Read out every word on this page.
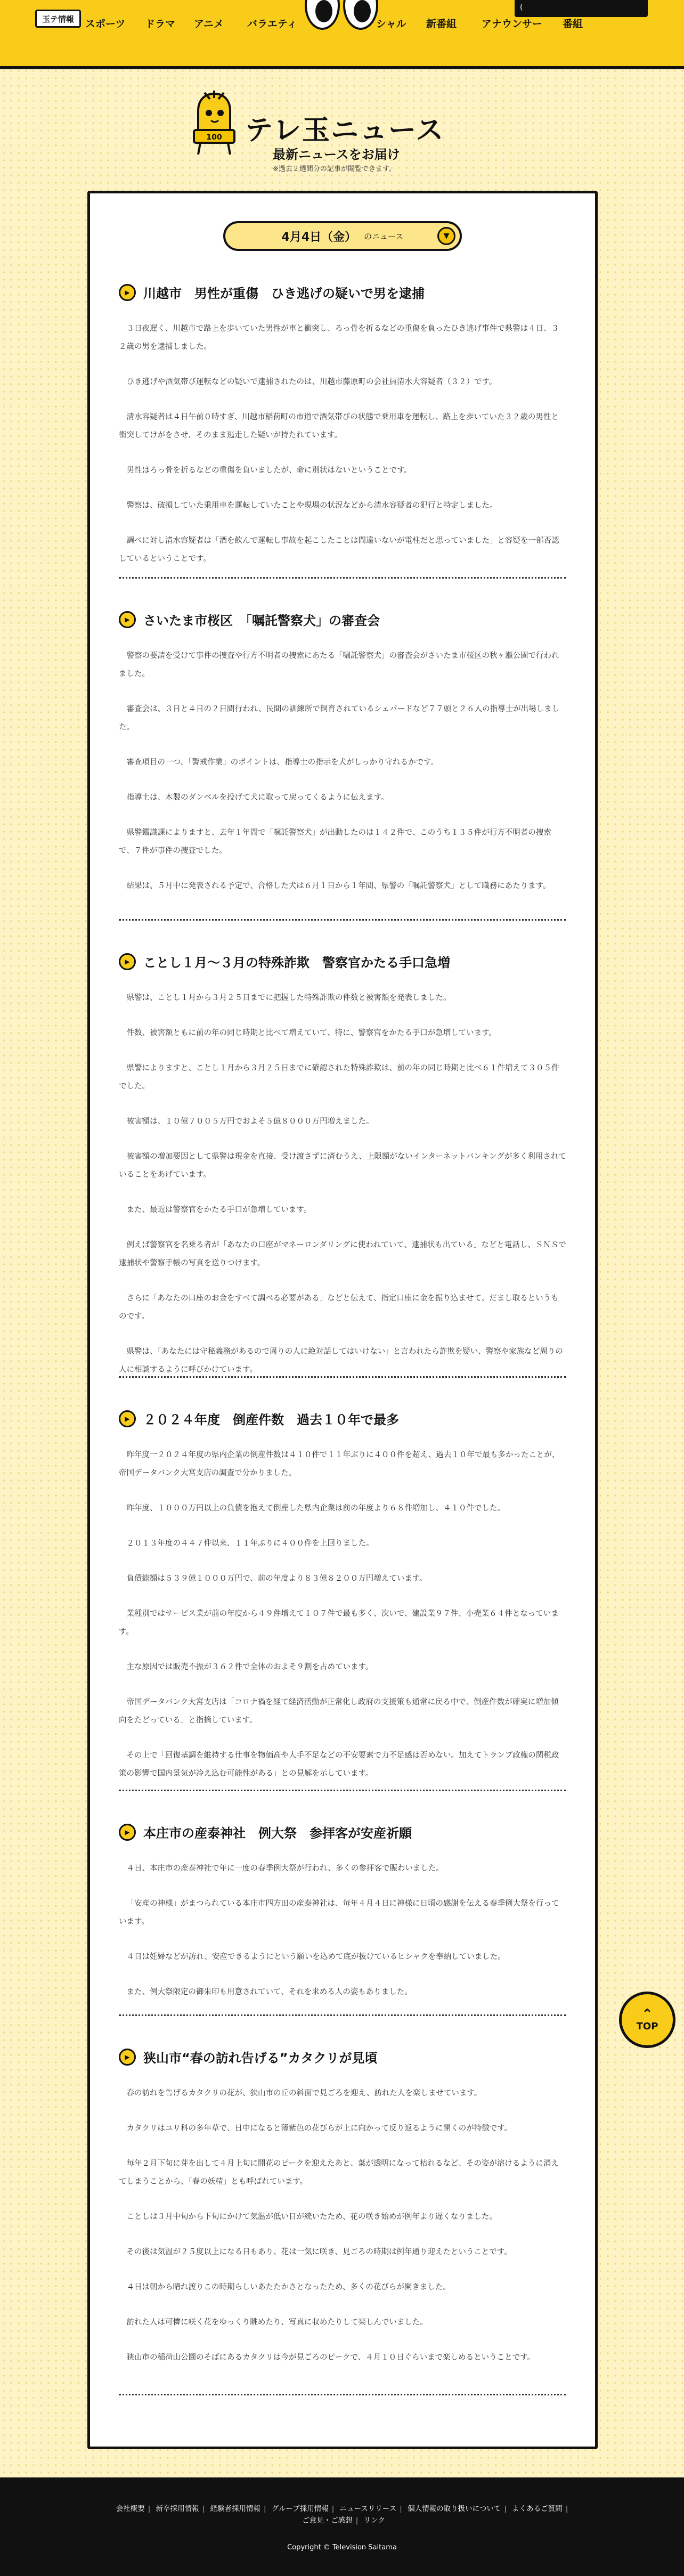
玉テ情報	スポーツ ドラマ アニメ バラエティ	シャル 新番組 アナウンサー 番組
(
100 テレ玉ニュース
最新ニュースをお届け
※過去２週間分の記事が閲覧できます。
4月4日（金） のニュース	▼
▶	川越市　男性が重傷　ひき逃げの疑いで男を逮捕

３日夜遅く、川越市で路上を歩いていた男性が車と衝突し、ろっ骨を折るなどの重傷を負ったひき逃げ事件で県警は４日、３２歳の男を逮捕しました。

ひき逃げや酒気帯び運転などの疑いで逮捕されたのは、川越市藤原町の会社員清水大容疑者（３２）です。

清水容疑者は４日午前０時すぎ、川越市稲荷町の市道で酒気帯びの状態で乗用車を運転し、路上を歩いていた３２歳の男性と衝突してけがをさせ、そのまま逃走した疑いが持たれています。

男性はろっ骨を折るなどの重傷を負いましたが、命に別状はないということです。

警察は、破損していた乗用車を運転していたことや現場の状況などから清水容疑者の犯行と特定しました。

調べに対し清水容疑者は「酒を飲んで運転し事故を起こしたことは間違いないが電柱だと思っていました」と容疑を一部否認しているということです。

▶	さいたま市桜区　「嘱託警察犬」の審査会

警察の要請を受けて事件の捜査や行方不明者の捜索にあたる「嘱託警察犬」の審査会がさいたま市桜区の秋ヶ瀬公園で行われました。

審査会は、３日と４日の２日間行われ、民間の訓練所で飼育されているシェパードなど７７頭と２６人の指導士が出場しました。

審査項目の一つ、「警戒作業」のポイントは、指導士の指示を犬がしっかり守れるかです。

指導士は、木製のダンベルを投げて犬に取って戻ってくるように伝えます。

県警鑑識課によりますと、去年１年間で「嘱託警察犬」が出動したのは１４２件で、このうち１３５件が行方不明者の捜索で、７件が事件の捜査でした。

結果は、５月中に発表される予定で、合格した犬は６月１日から１年間、県警の「嘱託警察犬」として職務にあたります。

▶	ことし１月～３月の特殊詐欺　警察官かたる手口急増

県警は、ことし１月から３月２５日までに把握した特殊詐欺の件数と被害額を発表しました。

件数、被害額ともに前の年の同じ時期と比べて増えていて、特に、警察官をかたる手口が急増しています。

県警によりますと、ことし１月から３月２５日までに確認された特殊詐欺は、前の年の同じ時期と比べ６１件増えて３０５件でした。

被害額は、１０億７００５万円でおよそ５億８０００万円増えました。

被害額の増加要因として県警は現金を直接、受け渡さずに済むうえ、上限額がないインターネットバンキングが多く利用されていることをあげています。

また、最近は警察官をかたる手口が急増しています。

例えば警察官を名乗る者が「あなたの口座がマネーロンダリングに使われていて、逮捕状も出ている」などと電話し、ＳＮＳで逮捕状や警察手帳の写真を送りつけます。

さらに「あなたの口座のお金をすべて調べる必要がある」などと伝えて、指定口座に金を振り込ませて、だまし取るというものです。

県警は、「あなたには守秘義務があるので周りの人に絶対話してはいけない」と言われたら詐欺を疑い、警察や家族など周りの人に相談するように呼びかけています。

▶	２０２４年度　倒産件数　過去１０年で最多

昨年度一２０２４年度の県内企業の倒産件数は４１０件で１１年ぶりに４００件を超え、過去１０年で最も多かったことが、帝国データバンク大宮支店の調査で分かりました。

昨年度、１０００万円以上の負債を抱えて倒産した県内企業は前の年度より６８件増加し、４１０件でした。

２０１３年度の４４７件以来、１１年ぶりに４００件を上回りました。

負債総額は５３９億１０００万円で、前の年度より８３億８２００万円増えています。

業種別ではサービス業が前の年度から４９件増えて１０７件で最も多く、次いで、建設業９７件、小売業６４件となっています。

主な原因では販売不振が３６２件で全体のおよそ９割を占めています。

帝国データバンク大宮支店は「コロナ禍を経て経済活動が正常化し政府の支援策も通常に戻る中で、倒産件数が確実に増加傾向をたどっている」と指摘しています。

その上で「回復基調を維持する仕事を物価高や人手不足などの不安要素で力不足感は否めない。加えてトランプ政権の関税政策の影響で国内景気が冷え込む可能性がある」との見解を示しています。

▶	本庄市の産泰神社　例大祭　参拝客が安産祈願

４日、本庄市の産泰神社で年に一度の春季例大祭が行われ、多くの参拝客で賑わいました。

「安産の神様」がまつられている本庄市四方田の産泰神社は、毎年４月４日に神様に日頃の感謝を伝える春季例大祭を行っています。

４日は妊婦などが訪れ、安産できるようにという願いを込めて底が抜けているヒシャクを奉納していました。

また、例大祭限定の御朱印も用意されていて、それを求める人の姿もありました。

▶	狭山市“春の訪れ告げる”カタクリが見頃

春の訪れを告げるカタクリの花が、狭山市の丘の斜面で見ごろを迎え、訪れた人を楽しませています。

カタクリはユリ科の多年草で、日中になると薄紫色の花びらが上に向かって反り返るように開くのが特徴です。

毎年２月下旬に芽を出して４月上旬に開花のピークを迎えたあと、葉が透明になって枯れるなど、その姿が溶けるように消えてしまうことから、「春の妖精」とも呼ばれています。

ことしは３月中旬から下旬にかけて気温が低い日が続いたため、花の咲き始めが例年より遅くなりました。

その後は気温が２５度以上になる日もあり、花は一気に咲き、見ごろの時期は例年通り迎えたということです。

４日は朝から晴れ渡りこの時期らしいあたたかさとなったため、多くの花びらが開きました。

訪れた人は可憐に咲く花をゆっくり眺めたり、写真に収めたりして楽しんでいました。

狭山市の稲荷山公園のそばにあるカタクリは今が見ごろのピークで、４月１０日ぐらいまで楽しめるということです。

⌃
TOP
会社概要 | 新卒採用情報 | 経験者採用情報 | グループ採用情報 | ニュースリリース | 個人情報の取り扱いについて | よくあるご質問 |
ご意見・ご感想 | リンク
Copyright © Television Saitama
